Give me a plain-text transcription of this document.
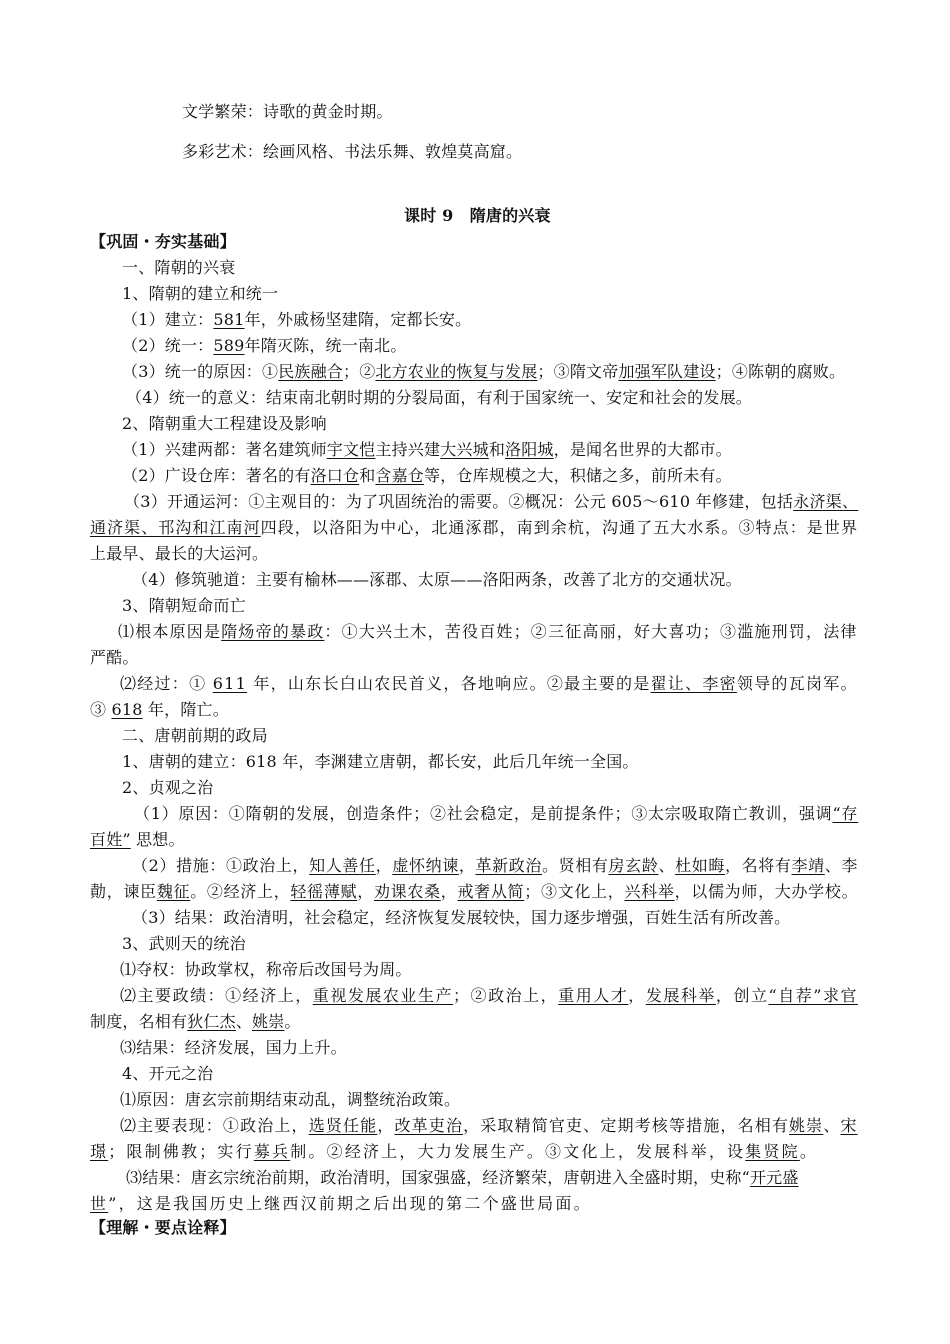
文学繁荣：诗歌的黄金时期。
多彩艺术：绘画风格、书法乐舞、敦煌莫高窟。
课时 9　隋唐的兴衰
【巩固・夯实基础】
一、隋朝的兴衰
1、隋朝的建立和统一
（1）建立：581年，外戚杨坚建隋，定都长安。
（2）统一：589年隋灭陈，统一南北。
（3）统一的原因：①民族融合；②北方农业的恢复与发展；③隋文帝加强军队建设；④陈朝的腐败。
（4）统一的意义：结束南北朝时期的分裂局面，有利于国家统一、安定和社会的发展。
2、隋朝重大工程建设及影响
（1）兴建两都：著名建筑师宇文恺主持兴建大兴城和洛阳城，是闻名世界的大都市。
（2）广设仓库：著名的有洛口仓和含嘉仓等，仓库规模之大，积储之多，前所未有。
（3）开通运河：①主观目的：为了巩固统治的需要。②概况：公元 605～610 年修建，包括永济渠、
通济渠、邗沟和江南河四段，以洛阳为中心，北通涿郡，南到余杭，沟通了五大水系。③特点：是世界
上最早、最长的大运河。
（4）修筑驰道：主要有榆林——涿郡、太原——洛阳两条，改善了北方的交通状况。
3、隋朝短命而亡
⑴根本原因是隋炀帝的暴政：①大兴土木，苦役百姓；②三征高丽，好大喜功；③滥施刑罚，法律
严酷。
⑵经过：① 611 年，山东长白山农民首义，各地响应。②最主要的是翟让、李密领导的瓦岗军。
③ 618 年，隋亡。
二、唐朝前期的政局
1、唐朝的建立：618 年，李渊建立唐朝，都长安，此后几年统一全国。
2、贞观之治
（1）原因：①隋朝的发展，创造条件；②社会稳定，是前提条件；③太宗吸取隋亡教训，强调“存
百姓” 思想。
（2）措施：①政治上，知人善任，虚怀纳谏，革新政治。贤相有房玄龄、杜如晦，名将有李靖、李
勣，谏臣魏征。②经济上，轻徭薄赋，劝课农桑，戒奢从简；③文化上，兴科举，以儒为师，大办学校。
（3）结果：政治清明，社会稳定，经济恢复发展较快，国力逐步增强，百姓生活有所改善。
3、武则天的统治
⑴夺权：协政掌权，称帝后改国号为周。
⑵主要政绩：①经济上，重视发展农业生产；②政治上，重用人才，发展科举，创立“自荐”求官
制度，名相有狄仁杰、姚崇。
⑶结果：经济发展，国力上升。
4、开元之治
⑴原因：唐玄宗前期结束动乱，调整统治政策。
⑵主要表现：①政治上，选贤任能，改革吏治，采取精简官吏、定期考核等措施，名相有姚崇、宋
璟；限制佛教；实行募兵制。②经济上，大力发展生产。③文化上，发展科举，设集贤院。
⑶结果：唐玄宗统治前期，政治清明，国家强盛，经济繁荣，唐朝进入全盛时期，史称“开元盛
世”，这是我国历史上继西汉前期之后出现的第二个盛世局面。
【理解・要点诠释】
